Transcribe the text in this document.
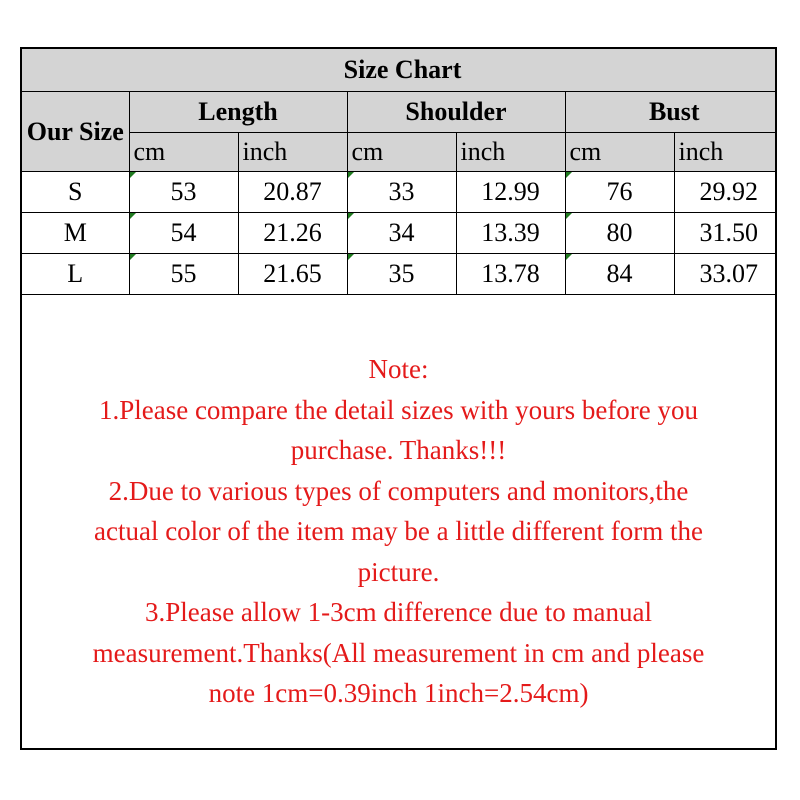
Size Chart						
Our Size	Length		Shoulder		Bust	
	cm	inch	cm	inch	cm	inch
S	53	20.87	33	12.99	76	29.92
M	54	21.26	34	13.39	80	31.50
L	55	21.65	35	13.78	84	33.07
Note:
1.Please compare the detail sizes with yours before you
purchase. Thanks!!!
2.Due to various types of computers and monitors,the
actual color of the item may be a little different form the
picture.
3.Please allow 1-3cm difference due to manual
measurement.Thanks(All measurement in cm and please
note 1cm=0.39inch 1inch=2.54cm)
